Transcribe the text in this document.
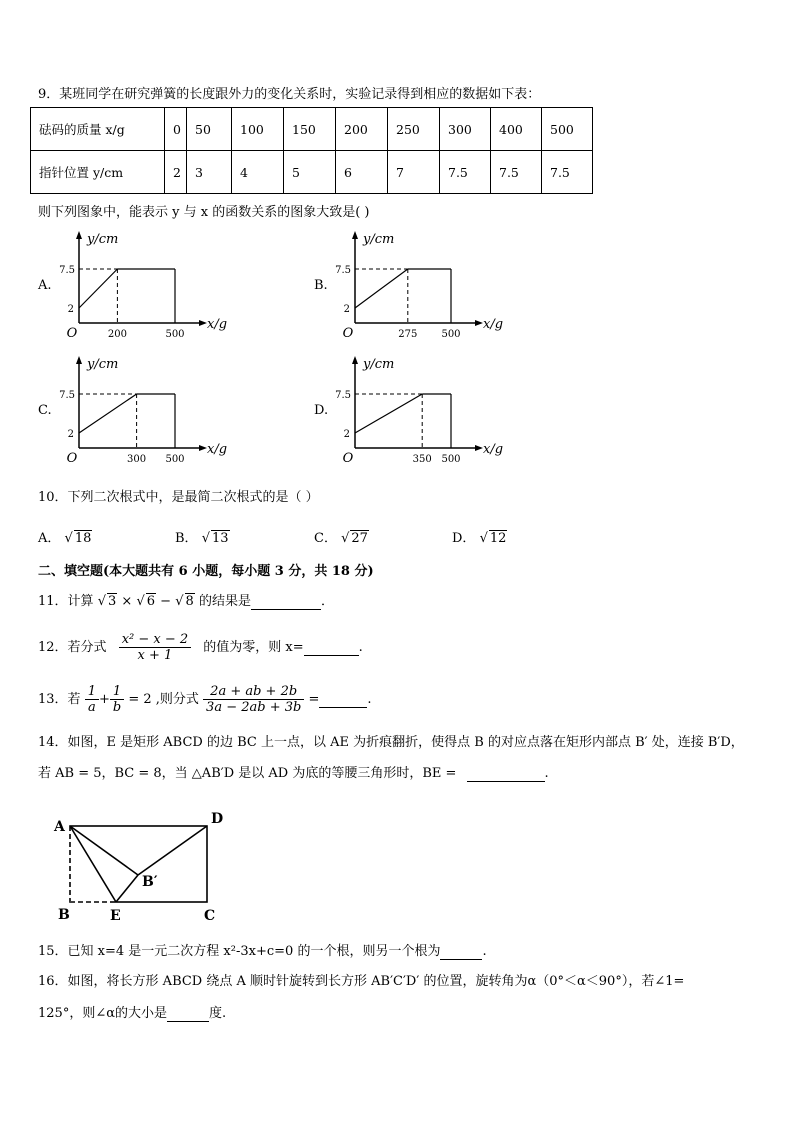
9．某班同学在研究弹簧的长度跟外力的变化关系时，实验记录得到相应的数据如下表：
砝码的质量 x/g	0	50	100	150	200	250	300	400	500
指针位置 y/cm	2	3	4	5	6	7	7.5	7.5	7.5
则下列图象中，能表示 y 与 x 的函数关系的图象大致是( )
A.	B.
C.	D.
y/cm
x/g
7.5
2
O	200	500
y/cm
x/g
7.5
2
O	275 500
y/cm
x/g
7.5
2
O	300 500
y/cm
x/g
7.5
2
O	350 500
10．下列二次根式中，是最简二次根式的是（ ）
A． √ 18	B． √ 13	C． √ 27	D． √ 12
二、填空题(本大题共有 6 小题，每小题 3 分，共 18 分)
11．计算 √ 3 × √ 6 − √ 8 的结果是	．
12．若分式 $\frac{\text{x² − x − 2}}{x + 1}$ 的值为零，则 x=	.
13．若 $\frac{1}{a} + \frac{1}{b} = 2$ ,则分式 $\frac{2a + ab + 2b}{3a - 2ab + 3b}$ =	.
14．如图，E 是矩形 ABCD 的边 BC 上一点，以 AE 为折痕翻折，使得点 B 的对应点落在矩形内部点 B′ 处，连接 B′D，
若 AB = 5，BC = 8，当 △AB′D 是以 AD 为底的等腰三角形时，BE =	.
A	D
B	E	C
B′
15．已知 x=4 是一元二次方程 x²-3x+c=0 的一个根，则另一个根为	.
16．如图，将长方形 ABCD 绕点 A 顺时针旋转到长方形 AB′C′D′ 的位置，旋转角为α（0°＜α＜90°），若∠1=
125°，则∠α的大小是	度.
